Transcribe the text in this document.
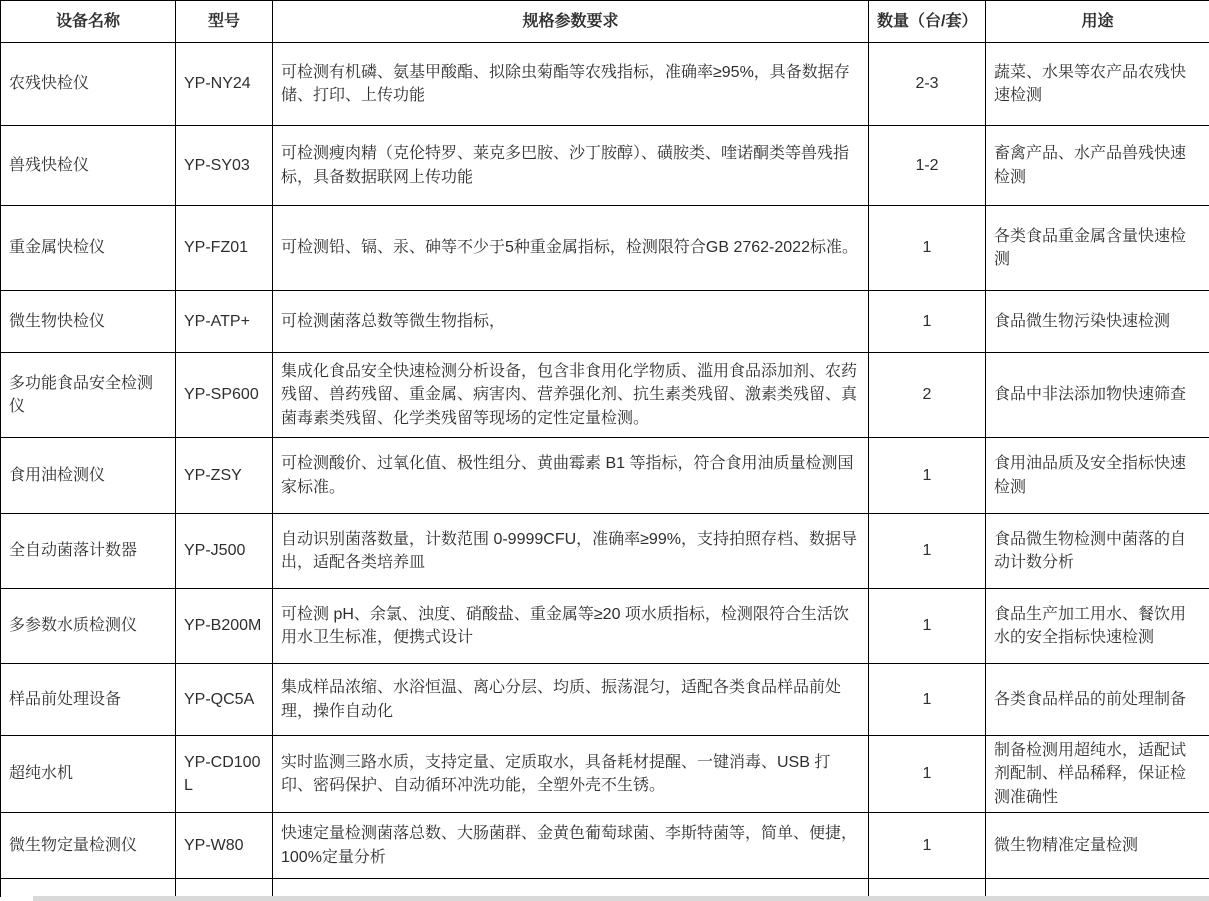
设备名称	型号	规格参数要求	数量（台/套）	用途
农残快检仪	YP-NY24	可检测有机磷、氨基甲酸酯、拟除虫菊酯等农残指标，准确率≥95%，具备数据存储、打印、上传功能	2-3	蔬菜、水果等农产品农残快速检测
兽残快检仪	YP-SY03	可检测瘦肉精（克伦特罗、莱克多巴胺、沙丁胺醇）、磺胺类、喹诺酮类等兽残指标，具备数据联网上传功能	1-2	畜禽产品、水产品兽残快速检测
重金属快检仪	YP-FZ01	可检测铅、镉、汞、砷等不少于5种重金属指标，检测限符合GB 2762-2022标准。	1	各类食品重金属含量快速检测
微生物快检仪	YP-ATP+	可检测菌落总数等微生物指标，	1	食品微生物污染快速检测
多功能食品安全检测仪	YP-SP600	集成化食品安全快速检测分析设备，包含非食用化学物质、滥用食品添加剂、农药残留、兽药残留、重金属、病害肉、营养强化剂、抗生素类残留、激素类残留、真菌毒素类残留、化学类残留等现场的定性定量检测。	2	食品中非法添加物快速筛查
食用油检测仪	YP-ZSY	可检测酸价、过氧化值、极性组分、黄曲霉素 B1 等指标，符合食用油质量检测国家标准。	1	食用油品质及安全指标快速检测
全自动菌落计数器	YP-J500	自动识别菌落数量，计数范围 0-9999CFU，准确率≥99%，支持拍照存档、数据导出，适配各类培养皿	1	食品微生物检测中菌落的自动计数分析
多参数水质检测仪	YP-B200M	可检测 pH、余氯、浊度、硝酸盐、重金属等≥20 项水质指标，检测限符合生活饮用水卫生标准，便携式设计	1	食品生产加工用水、餐饮用水的安全指标快速检测
样品前处理设备	YP-QC5A	集成样品浓缩、水浴恒温、离心分层、均质、振荡混匀，适配各类食品样品前处理，操作自动化	1	各类食品样品的前处理制备
超纯水机	YP-CD100L	实时监测三路水质，支持定量、定质取水，具备耗材提醒、一键消毒、USB 打印、密码保护、自动循环冲洗功能，全塑外壳不生锈。	1	制备检测用超纯水，适配试剂配制、样品稀释，保证检测准确性
微生物定量检测仪	YP-W80	快速定量检测菌落总数、大肠菌群、金黄色葡萄球菌、李斯特菌等，简单、便捷，100%定量分析	1	微生物精准定量检测
